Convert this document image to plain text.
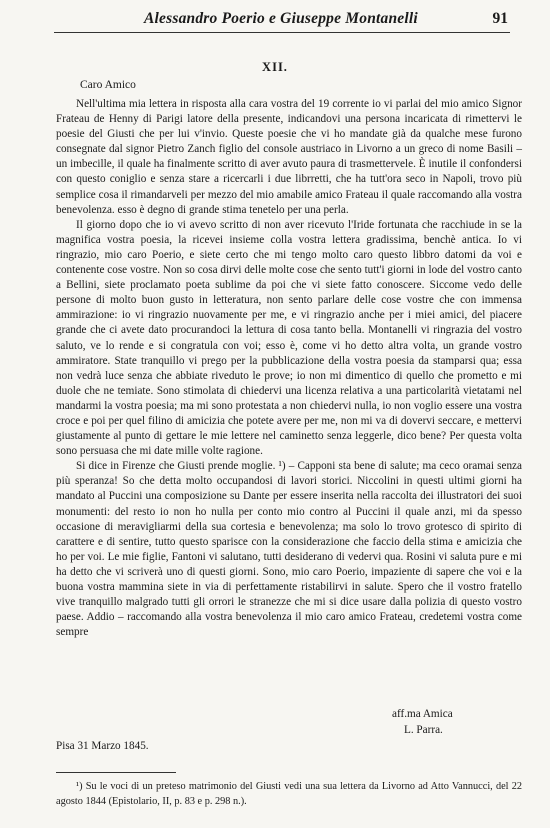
Alessandro Poerio e Giuseppe Montanelli	91
XII.
Caro Amico

Nell'ultima mia lettera in risposta alla cara vostra del 19 corrente io vi parlai del mio amico Signor Frateau de Henny di Parigi latore della presente, indicandovi una persona incaricata di rimettervi le poesie del Giusti che per lui v'invio. Queste poesie che vi ho mandate già da qualche mese furono consegnate dal signor Pietro Zanch figlio del console austriaco in Livorno a un greco di nome Basili – un imbecille, il quale ha finalmente scritto di aver avuto paura di trasmettervele. È inutile il confondersi con questo coniglio e senza stare a ricercarli i due librretti, che ha tutt'ora seco in Napoli, trovo più semplice cosa il rimandarveli per mezzo del mio amabile amico Frateau il quale raccomando alla vostra benevolenza. esso è degno di grande stima tenetelo per una perla.

Il giorno dopo che io vi avevo scritto di non aver ricevuto l'Iride fortunata che racchiude in se la magnifica vostra poesia, la ricevei insieme colla vostra lettera gradissima, benchè antica. Io vi ringrazio, mio caro Poerio, e siete certo che mi tengo molto caro questo libbro datomi da voi e contenente cose vostre. Non so cosa dirvi delle molte cose che sento tutt'i giorni in lode del vostro canto a Bellini, siete proclamato poeta sublime da poi che vi siete fatto conoscere. Siccome vedo delle persone di molto buon gusto in letteratura, non sento parlare delle cose vostre che con immensa ammirazione: io vi ringrazio nuovamente per me, e vi ringrazio anche per i miei amici, del piacere grande che ci avete dato procurandoci la lettura di cosa tanto bella. Montanelli vi ringrazia del vostro saluto, ve lo rende e si congratula con voi; esso è, come vi ho detto altra volta, un grande vostro ammiratore. State tranquillo vi prego per la pubblicazione della vostra poesia da stamparsi qua; essa non vedrà luce senza che abbiate riveduto le prove; io non mi dimentico di quello che prometto e mi duole che ne temiate. Sono stimolata di chiedervi una licenza relativa a una particolarità vietatami nel mandarmi la vostra poesia; ma mi sono protestata a non chiedervi nulla, io non voglio essere una vostra croce e poi per quel filino di amicizia che potete avere per me, non mi va di dovervi seccare, e mettervi giustamente al punto di gettare le mie lettere nel caminetto senza leggerle, dico bene? Per questa volta sono persuasa che mi date mille volte ragione.

Si dice in Firenze che Giusti prende moglie. ¹) – Capponi sta bene di salute; ma ceco oramai senza più speranza! So che detta molto occupandosi di lavori storici. Niccolini in questi ultimi giorni ha mandato al Puccini una composizione su Dante per essere inserita nella raccolta dei illustratori dei suoi monumenti: del resto io non ho nulla per conto mio contro al Puccini il quale anzi, mi da spesso occasione di meravigliarmi della sua cortesia e benevolenza; ma solo lo trovo grotesco di spirito di carattere e di sentire, tutto questo sparisce con la considerazione che faccio della stima e amicizia che ho per voi. Le mie figlie, Fantoni vi salutano, tutti desiderano di vedervi qua. Rosini vi saluta pure e mi ha detto che vi scriverà uno di questi giorni. Sono, mio caro Poerio, impaziente di sapere che voi e la buona vostra mammina siete in via di perfettamente ristabilirvi in salute. Spero che il vostro fratello vive tranquillo malgrado tutti gli orrori le stranezze che mi si dice usare dalla polizia di questo vostro paese. Addio – raccomando alla vostra benevolenza il mio caro amico Frateau, credetemi vostra come sempre

aff.ma Amica
L. Parra.
Pisa 31 Marzo 1845.
¹) Su le voci di un preteso matrimonio del Giusti vedi una sua lettera da Livorno ad Atto Vannucci, del 22 agosto 1844 (Epistolario, II, p. 83 e p. 298 n.).
